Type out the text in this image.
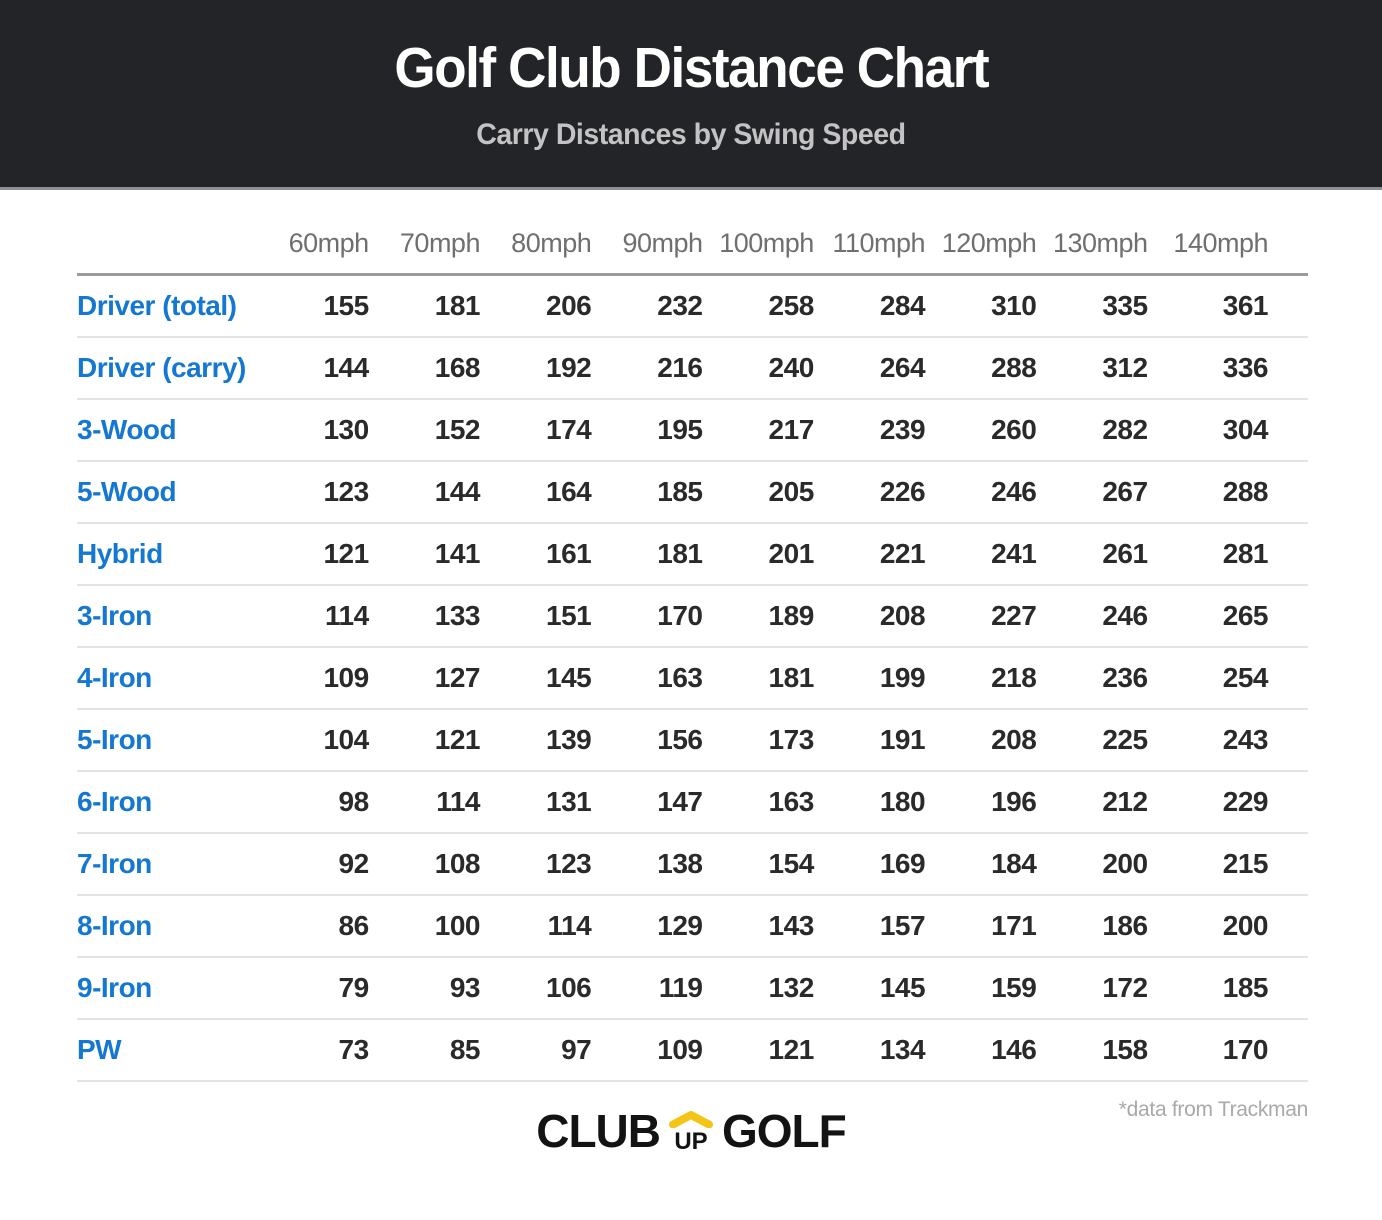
Golf Club Distance Chart
Carry Distances by Swing Speed
	60mph	70mph	80mph	90mph	100mph	110mph	120mph	130mph	140mph
Driver (total)	155	181	206	232	258	284	310	335	361
Driver (carry)	144	168	192	216	240	264	288	312	336
3-Wood	130	152	174	195	217	239	260	282	304
5-Wood	123	144	164	185	205	226	246	267	288
Hybrid	121	141	161	181	201	221	241	261	281
3-Iron	114	133	151	170	189	208	227	246	265
4-Iron	109	127	145	163	181	199	218	236	254
5-Iron	104	121	139	156	173	191	208	225	243
6-Iron	98	114	131	147	163	180	196	212	229
7-Iron	92	108	123	138	154	169	184	200	215
8-Iron	86	100	114	129	143	157	171	186	200
9-Iron	79	93	106	119	132	145	159	172	185
PW	73	85	97	109	121	134	146	158	170
*data from Trackman
CLUB UP GOLF
